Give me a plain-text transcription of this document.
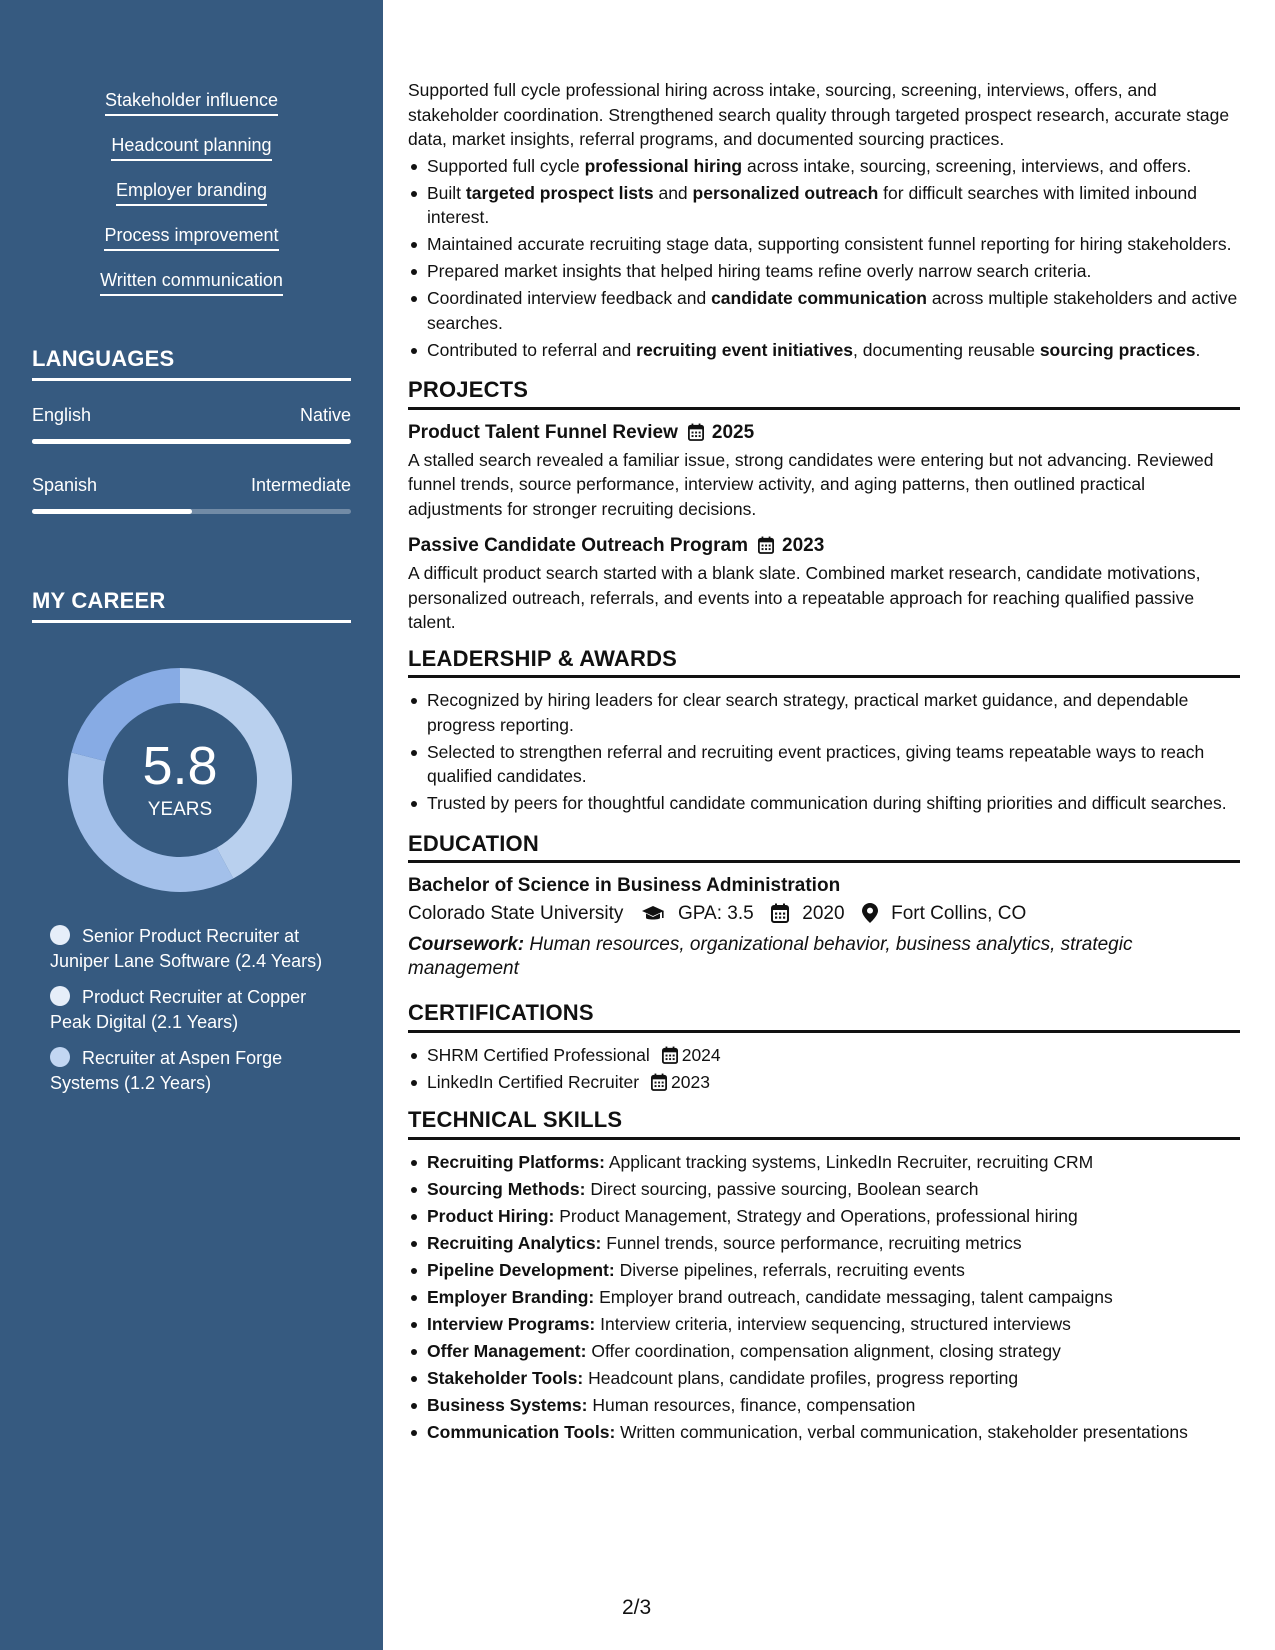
Stakeholder influence
Headcount planning
Employer branding
Process improvement
Written communication
LANGUAGES
English	Native
Spanish	Intermediate
MY CAREER
5.8
YEARS
Senior Product Recruiter at Juniper Lane Software (2.4 Years)
Product Recruiter at Copper Peak Digital (2.1 Years)
Recruiter at Aspen Forge Systems (1.2 Years)

Supported full cycle professional hiring across intake, sourcing, screening, interviews, offers, and stakeholder coordination. Strengthened search quality through targeted prospect research, accurate stage data, market insights, referral programs, and documented sourcing practices.

Supported full cycle professional hiring across intake, sourcing, screening, interviews, and offers.
Built targeted prospect lists and personalized outreach for difficult searches with limited inbound interest.
Maintained accurate recruiting stage data, supporting consistent funnel reporting for hiring stakeholders.
Prepared market insights that helped hiring teams refine overly narrow search criteria.
Coordinated interview feedback and candidate communication across multiple stakeholders and active searches.
Contributed to referral and recruiting event initiatives, documenting reusable sourcing practices.
PROJECTS
Product Talent Funnel Review 2025
A stalled search revealed a familiar issue, strong candidates were entering but not advancing. Reviewed funnel trends, source performance, interview activity, and aging patterns, then outlined practical adjustments for stronger recruiting decisions.
Passive Candidate Outreach Program 2023
A difficult product search started with a blank slate. Combined market research, candidate motivations, personalized outreach, referrals, and events into a repeatable approach for reaching qualified passive talent.
LEADERSHIP & AWARDS
Recognized by hiring leaders for clear search strategy, practical market guidance, and dependable progress reporting.
Selected to strengthen referral and recruiting event practices, giving teams repeatable ways to reach qualified candidates.
Trusted by peers for thoughtful candidate communication during shifting priorities and difficult searches.
EDUCATION
Bachelor of Science in Business Administration
Colorado State University	GPA: 3.5	2020 Fort Collins, CO
Coursework: Human resources, organizational behavior, business analytics, strategic management
CERTIFICATIONS
SHRM Certified Professional 2024
LinkedIn Certified Recruiter 2023
TECHNICAL SKILLS
Recruiting Platforms: Applicant tracking systems, LinkedIn Recruiter, recruiting CRM
Sourcing Methods: Direct sourcing, passive sourcing, Boolean search
Product Hiring: Product Management, Strategy and Operations, professional hiring
Recruiting Analytics: Funnel trends, source performance, recruiting metrics
Pipeline Development: Diverse pipelines, referrals, recruiting events
Employer Branding: Employer brand outreach, candidate messaging, talent campaigns
Interview Programs: Interview criteria, interview sequencing, structured interviews
Offer Management: Offer coordination, compensation alignment, closing strategy
Stakeholder Tools: Headcount plans, candidate profiles, progress reporting
Business Systems: Human resources, finance, compensation
Communication Tools: Written communication, verbal communication, stakeholder presentations
2/3
